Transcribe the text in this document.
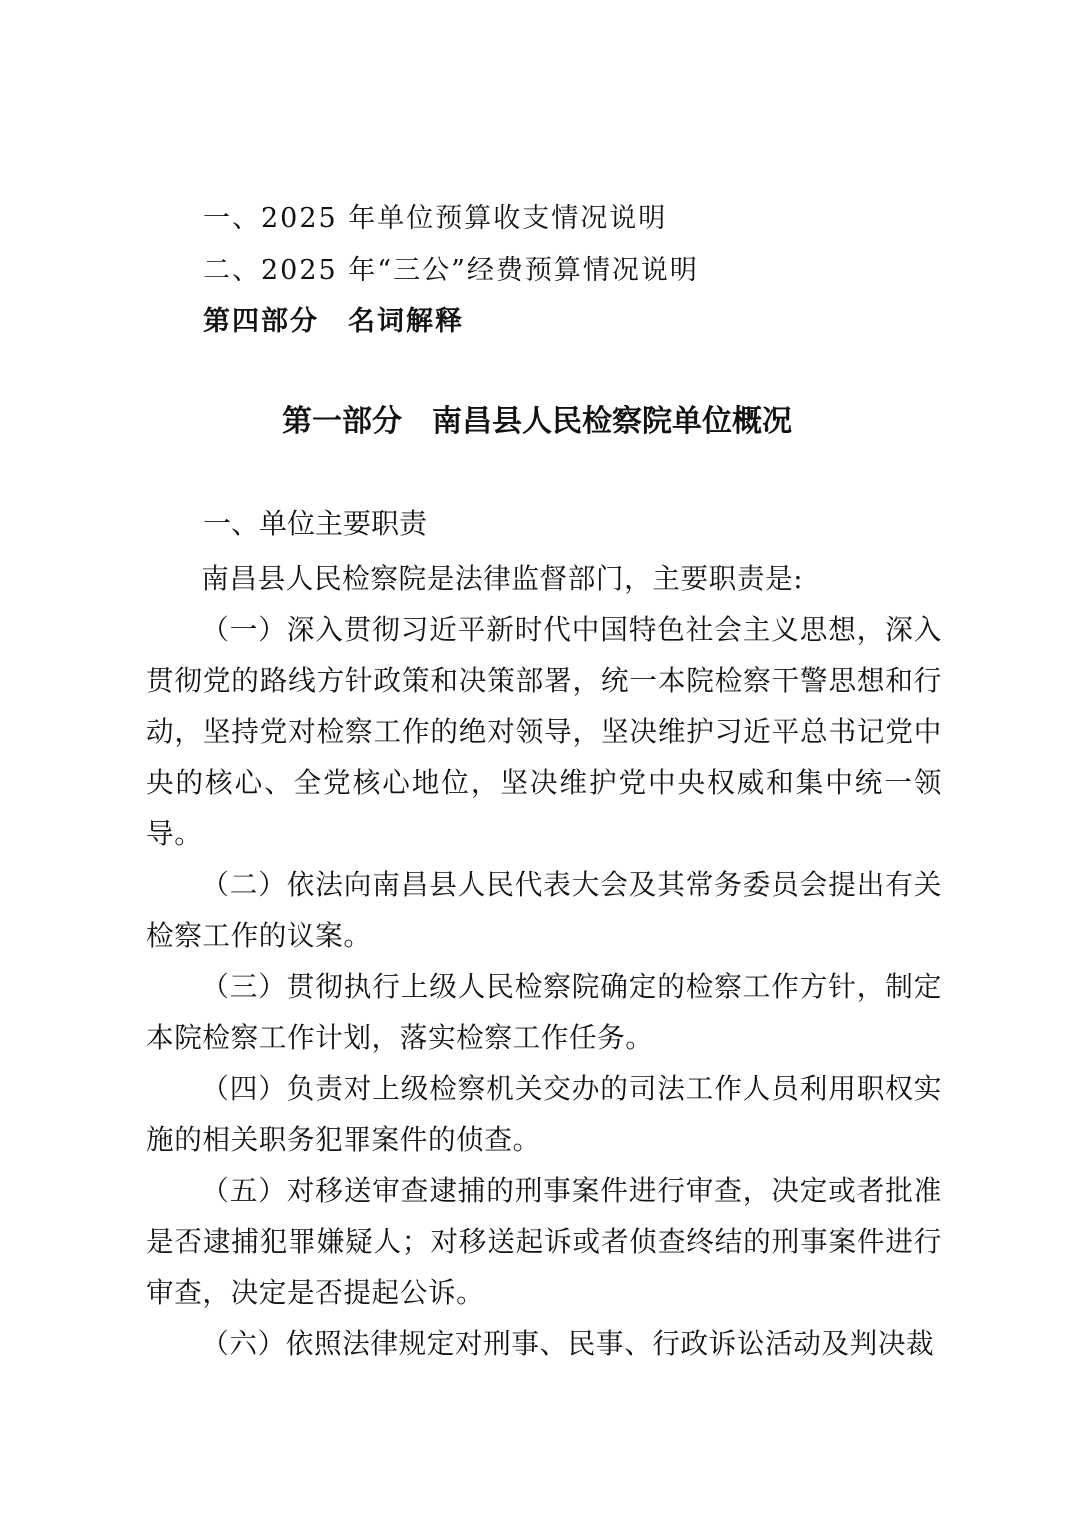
一、2025 年单位预算收支情况说明
二、2025 年“三公”经费预算情况说明
第四部分　名词解释
第一部分　南昌县人民检察院单位概况
一、单位主要职责

南昌县人民检察院是法律监督部门，主要职责是:

（一）深入贯彻习近平新时代中国特色社会主义思想，深入贯彻党的路线方针政策和决策部署，统一本院检察干警思想和行动，坚持党对检察工作的绝对领导，坚决维护习近平总书记党中央的核心、全党核心地位，坚决维护党中央权威和集中统一领导。

（二）依法向南昌县人民代表大会及其常务委员会提出有关检察工作的议案。

（三）贯彻执行上级人民检察院确定的检察工作方针，制定本院检察工作计划，落实检察工作任务。

（四）负责对上级检察机关交办的司法工作人员利用职权实施的相关职务犯罪案件的侦查。

（五）对移送审查逮捕的刑事案件进行审查，决定或者批准是否逮捕犯罪嫌疑人；对移送起诉或者侦查终结的刑事案件进行审查，决定是否提起公诉。

（六）依照法律规定对刑事、民事、行政诉讼活动及判决裁
